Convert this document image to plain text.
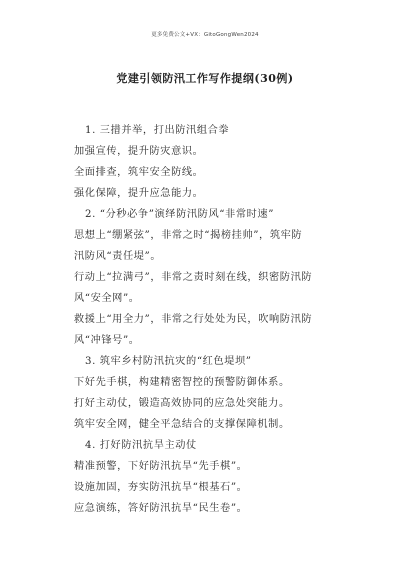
更多免费公文+VX：GitoGongWen2024
党建引领防汛工作写作提纲(30例)
1. 三措并举，打出防汛组合拳
加强宣传，提升防灾意识。
全面排查，筑牢安全防线。
强化保障，提升应急能力。
2. “分秒必争”演绎防汛防风“非常时速”
思想上“绷紧弦”，非常之时“揭榜挂帅”，筑牢防
汛防风“责任堤”。
行动上“拉满弓”，非常之责时刻在线，织密防汛防
风“安全网”。
救援上“用全力”，非常之行处处为民，吹响防汛防
风“冲锋号”。
3. 筑牢乡村防汛抗灾的“红色堤坝”
下好先手棋，构建精密智控的预警防御体系。
打好主动仗，锻造高效协同的应急处突能力。
筑牢安全网，健全平急结合的支撑保障机制。
4. 打好防汛抗旱主动仗
精准预警，下好防汛抗旱“先手棋”。
设施加固，夯实防汛抗旱“根基石”。
应急演练，答好防汛抗旱“民生卷”。
